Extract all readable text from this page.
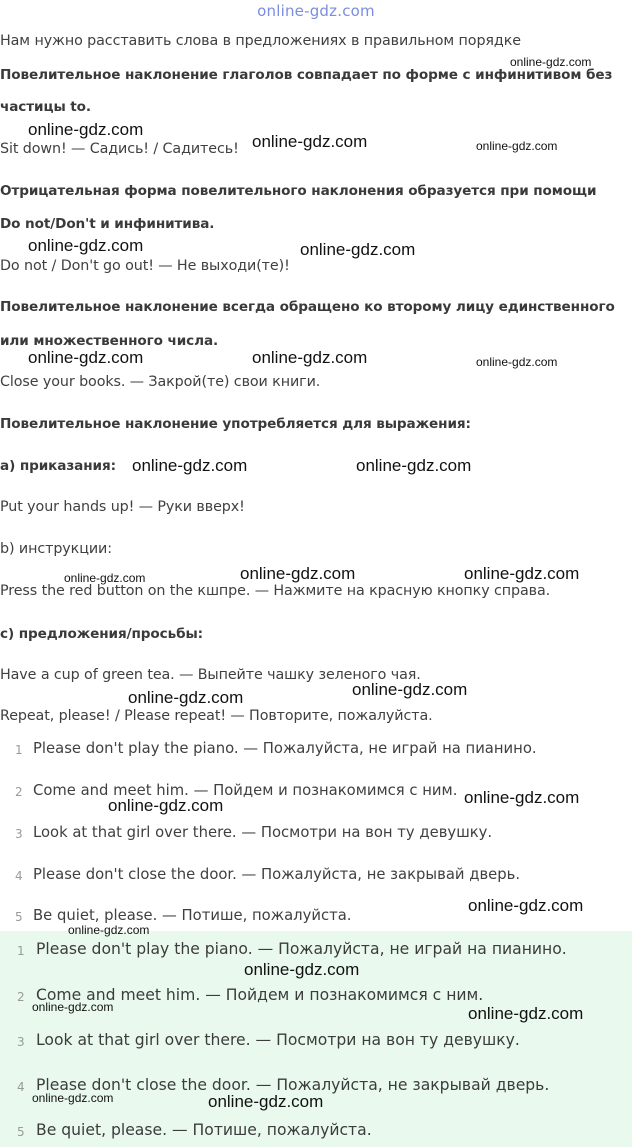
online-gdz.com
Нам нужно расставить слова в предложениях в правильном порядке
Повелительное наклонение глаголов совпадает по форме с инфинитивом без
частицы to.
Sit down! — Садись! / Садитесь!
Отрицательная форма повелительного наклонения образуется при помощи
Do not/Don't и инфинитива.
Do not / Don't go out! — Не выходи(те)!
Повелительное наклонение всегда обращено ко второму лицу единственного
или множественного числа.
Close your books. — Закрой(те) свои книги.
Повелительное наклонение употребляется для выражения:
a) приказания:
Put your hands up! — Руки вверх!
b) инструкции:
Press the red button on the кшпре. — Нажмите на красную кнопку справа.
c) предложения/просьбы:
Have a cup of green tea. — Выпейте чашку зеленого чая.
Repeat, please! / Please repeat! — Повторите, пожалуйста.
1 Please don't play the piano. — Пожалуйста, не играй на пианино.
2 Come and meet him. — Пойдем и познакомимся с ним.
3 Look at that girl over there. — Посмотри на вон ту девушку.
4 Please don't close the door. — Пожалуйста, не закрывай дверь.
5 Be quiet, please. — Потише, пожалуйста.
1 Please don't play the piano. — Пожалуйста, не играй на пианино.
2 Come and meet him. — Пойдем и познакомимся с ним.
3 Look at that girl over there. — Посмотри на вон ту девушку.
4 Please don't close the door. — Пожалуйста, не закрывай дверь.
5 Be quiet, please. — Потише, пожалуйста.
online-gdz.com
online-gdz.com
online-gdz.com	online-gdz.com
online-gdz.com	online-gdz.com
online-gdz.com	online-gdz.com	online-gdz.com
online-gdz.com	online-gdz.com
online-gdz.com	online-gdz.com	online-gdz.com
online-gdz.com
online-gdz.com
online-gdz.com
online-gdz.com
online-gdz.com
online-gdz.com
online-gdz.com
online-gdz.com	online-gdz.com
online-gdz.com	online-gdz.com
